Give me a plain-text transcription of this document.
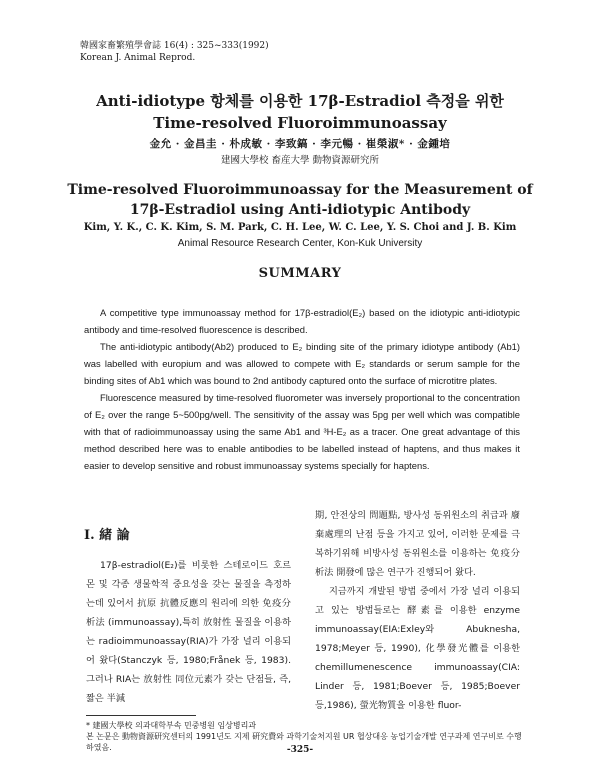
韓國家畜繁殖學會誌 16(4) : 325~333(1992)
Korean J. Animal Reprod.
Anti-idiotype 항체를 이용한 17β-Estradiol 측정을 위한
Time-resolved Fluoroimmunoassay
金允 · 金昌圭 · 朴成敏 · 李致鎬 · 李元暢 · 崔榮淑* · 金鍾培
建國大學校 畜産大學 動物資源研究所
Time-resolved Fluoroimmunoassay for the Measurement of
17β-Estradiol using Anti-idiotypic Antibody
Kim, Y. K., C. K. Kim, S. M. Park, C. H. Lee, W. C. Lee, Y. S. Choi and J. B. Kim
Animal Resource Research Center, Kon-Kuk University
SUMMARY

A competitive type immunoassay method for 17β-estradiol(E₂) based on the idiotypic anti-idiotypic antibody and time-resolved fluorescence is described.

The anti-idiotypic antibody(Ab2) produced to E₂ binding site of the primary idiotype antibody (Ab1) was labelled with europium and was allowed to compete with E₂ standards or serum sample for the binding sites of Ab1 which was bound to 2nd antibody captured onto the surface of microtitre plates.

Fluorescence measured by time-resolved fluorometer was inversely proportional to the concentration of E₂ over the range 5~500pg/well. The sensitivity of the assay was 5pg per well which was compatible with that of radioimmunoassay using the same Ab1 and ³H-E₂ as a tracer. One great advantage of this method described here was to enable antibodies to be labelled instead of haptens, and thus makes it easier to develop sensitive and robust immunoassay systems specially for haptens.

Ⅰ. 緒 論

17β-estradiol(E₂)를 비롯한 스테로이드 호르몬 및 각종 생물학적 중요성을 갖는 물질을 측정하는데 있어서 抗原 抗體反應의 원리에 의한 免疫分析法 (immunoassay),특히 放射性 물질을 이용하는 radioimmunoassay(RIA)가 가장 널리 이용되어 왔다(Stanczyk 등, 1980;Frånek 등, 1983). 그러나 RIA는 放射性 同位元素가 갖는 단점들, 즉, 짧은 半減

期, 안전상의 問題點, 방사성 동위원소의 취급과 廢棄處理의 난점 등을 가지고 있어, 이러한 문제를 극복하기위해 비방사성 동위원소를 이용하는 免疫分析法 開發에 많은 연구가 진행되어 왔다.

지금까지 개발된 방법 중에서 가장 널리 이용되고 있는 방법들로는 酵素를 이용한 enzyme immunoassay(EIA:Exley와 Abuknesha, 1978;Meyer 등, 1990), 化學發光體를 이용한 chemillumenescence immunoassay(CIA: Linder 등, 1981;Boever 등, 1985;Boever 등,1986), 螢光物質을 이용한 fluor-

* 建國大學校 의과대학부속 민중병원 임상병리과

본 논문은 動物資源研究센터의 1991년도 지제 硏究費와 과학기술처지원 UR 협상대응 농업기술개발 연구과제 연구비로 수행하였음.	-325-
